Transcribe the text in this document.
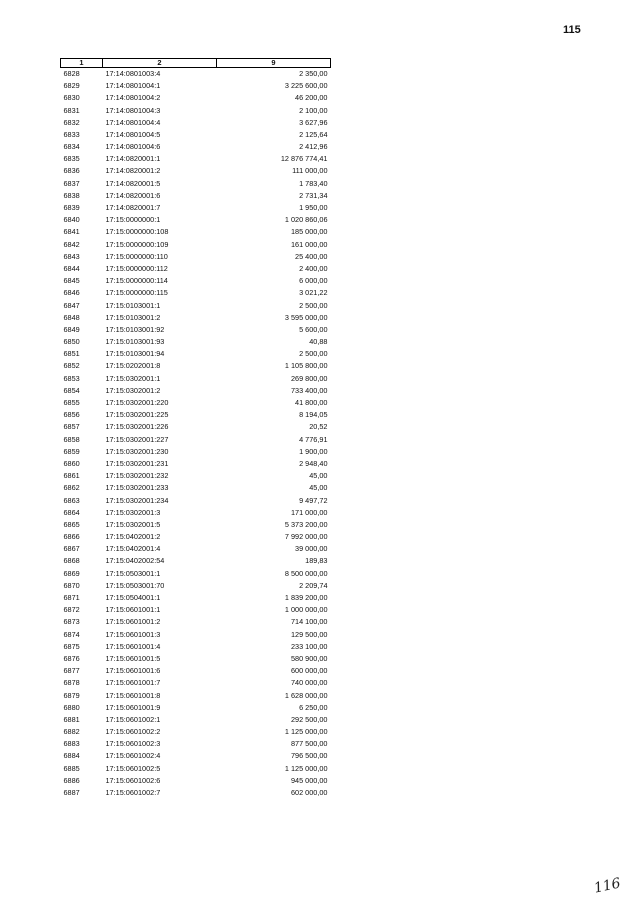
115
1	2	9
6828	17:14:0801003:4	2 350,00
6829	17:14:0801004:1	3 225 600,00
6830	17:14:0801004:2	46 200,00
6831	17:14:0801004:3	2 100,00
6832	17:14:0801004:4	3 627,96
6833	17:14:0801004:5	2 125,64
6834	17:14:0801004:6	2 412,96
6835	17:14:0820001:1	12 876 774,41
6836	17:14:0820001:2	111 000,00
6837	17:14:0820001:5	1 783,40
6838	17:14:0820001:6	2 731,34
6839	17:14:0820001:7	1 950,00
6840	17:15:0000000:1	1 020 860,06
6841	17:15:0000000:108	185 000,00
6842	17:15:0000000:109	161 000,00
6843	17:15:0000000:110	25 400,00
6844	17:15:0000000:112	2 400,00
6845	17:15:0000000:114	6 000,00
6846	17:15:0000000:115	3 021,22
6847	17:15:0103001:1	2 500,00
6848	17:15:0103001:2	3 595 000,00
6849	17:15:0103001:92	5 600,00
6850	17:15:0103001:93	40,88
6851	17:15:0103001:94	2 500,00
6852	17:15:0202001:8	1 105 800,00
6853	17:15:0302001:1	269 800,00
6854	17:15:0302001:2	733 400,00
6855	17:15:0302001:220	41 800,00
6856	17:15:0302001:225	8 194,05
6857	17:15:0302001:226	20,52
6858	17:15:0302001:227	4 776,91
6859	17:15:0302001:230	1 900,00
6860	17:15:0302001:231	2 948,40
6861	17:15:0302001:232	45,00
6862	17:15:0302001:233	45,00
6863	17:15:0302001:234	9 497,72
6864	17:15:0302001:3	171 000,00
6865	17:15:0302001:5	5 373 200,00
6866	17:15:0402001:2	7 992 000,00
6867	17:15:0402001:4	39 000,00
6868	17:15:0402002:54	189,83
6869	17:15:0503001:1	8 500 000,00
6870	17:15:0503001:70	2 209,74
6871	17:15:0504001:1	1 839 200,00
6872	17:15:0601001:1	1 000 000,00
6873	17:15:0601001:2	714 100,00
6874	17:15:0601001:3	129 500,00
6875	17:15:0601001:4	233 100,00
6876	17:15:0601001:5	580 900,00
6877	17:15:0601001:6	600 000,00
6878	17:15:0601001:7	740 000,00
6879	17:15:0601001:8	1 628 000,00
6880	17:15:0601001:9	6 250,00
6881	17:15:0601002:1	292 500,00
6882	17:15:0601002:2	1 125 000,00
6883	17:15:0601002:3	877 500,00
6884	17:15:0601002:4	796 500,00
6885	17:15:0601002:5	1 125 000,00
6886	17:15:0601002:6	945 000,00
6887	17:15:0601002:7	602 000,00
116
